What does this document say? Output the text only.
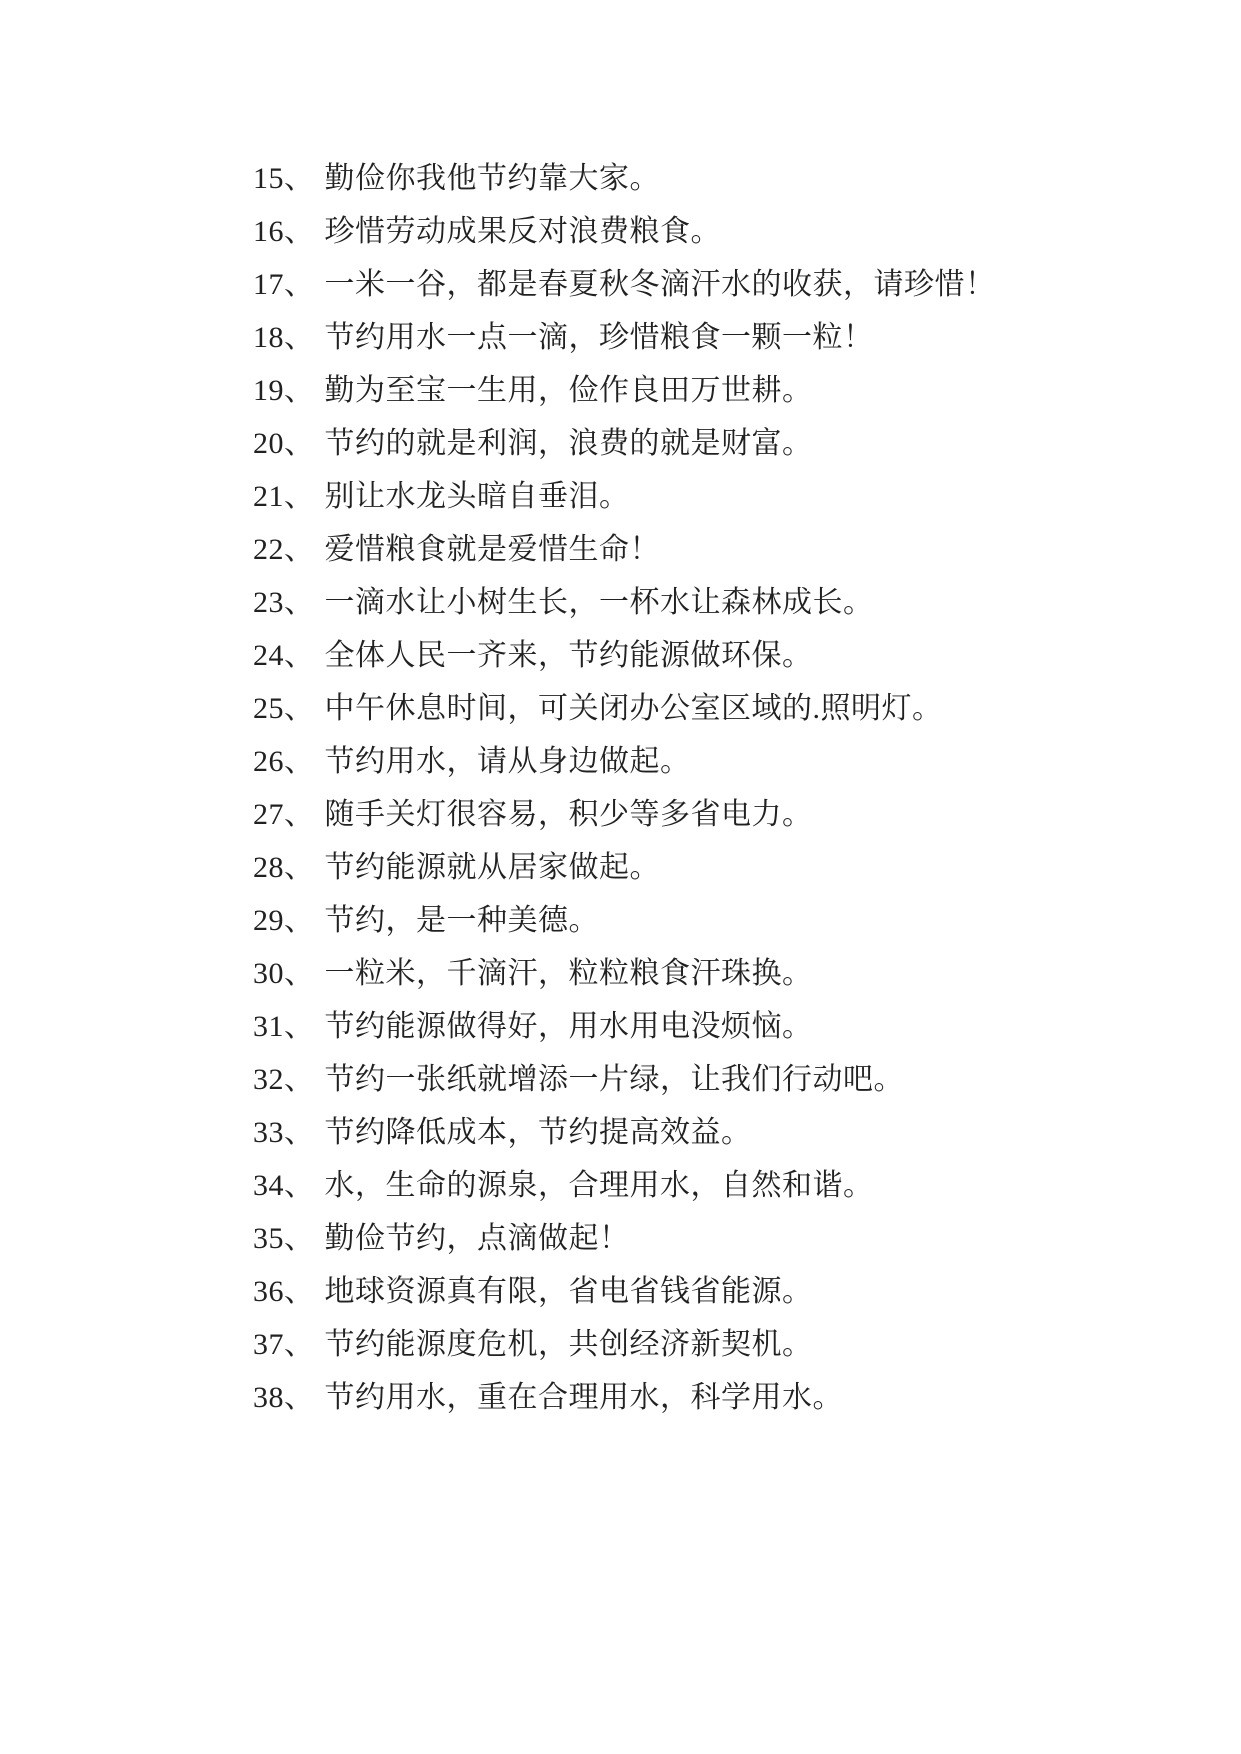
15、 勤俭你我他节约靠大家。

16、 珍惜劳动成果反对浪费粮食。

17、 一米一谷，都是春夏秋冬滴汗水的收获，请珍惜！

18、 节约用水一点一滴，珍惜粮食一颗一粒！

19、 勤为至宝一生用，俭作良田万世耕。

20、 节约的就是利润，浪费的就是财富。

21、 别让水龙头暗自垂泪。

22、 爱惜粮食就是爱惜生命！

23、 一滴水让小树生长，一杯水让森林成长。

24、 全体人民一齐来，节约能源做环保。

25、 中午休息时间，可关闭办公室区域的.照明灯。

26、 节约用水，请从身边做起。

27、 随手关灯很容易，积少等多省电力。

28、 节约能源就从居家做起。

29、 节约，是一种美德。

30、 一粒米，千滴汗，粒粒粮食汗珠换。

31、 节约能源做得好，用水用电没烦恼。

32、 节约一张纸就增添一片绿，让我们行动吧。

33、 节约降低成本，节约提高效益。

34、 水，生命的源泉，合理用水，自然和谐。

35、 勤俭节约，点滴做起！

36、 地球资源真有限，省电省钱省能源。

37、 节约能源度危机，共创经济新契机。

38、 节约用水，重在合理用水，科学用水。
